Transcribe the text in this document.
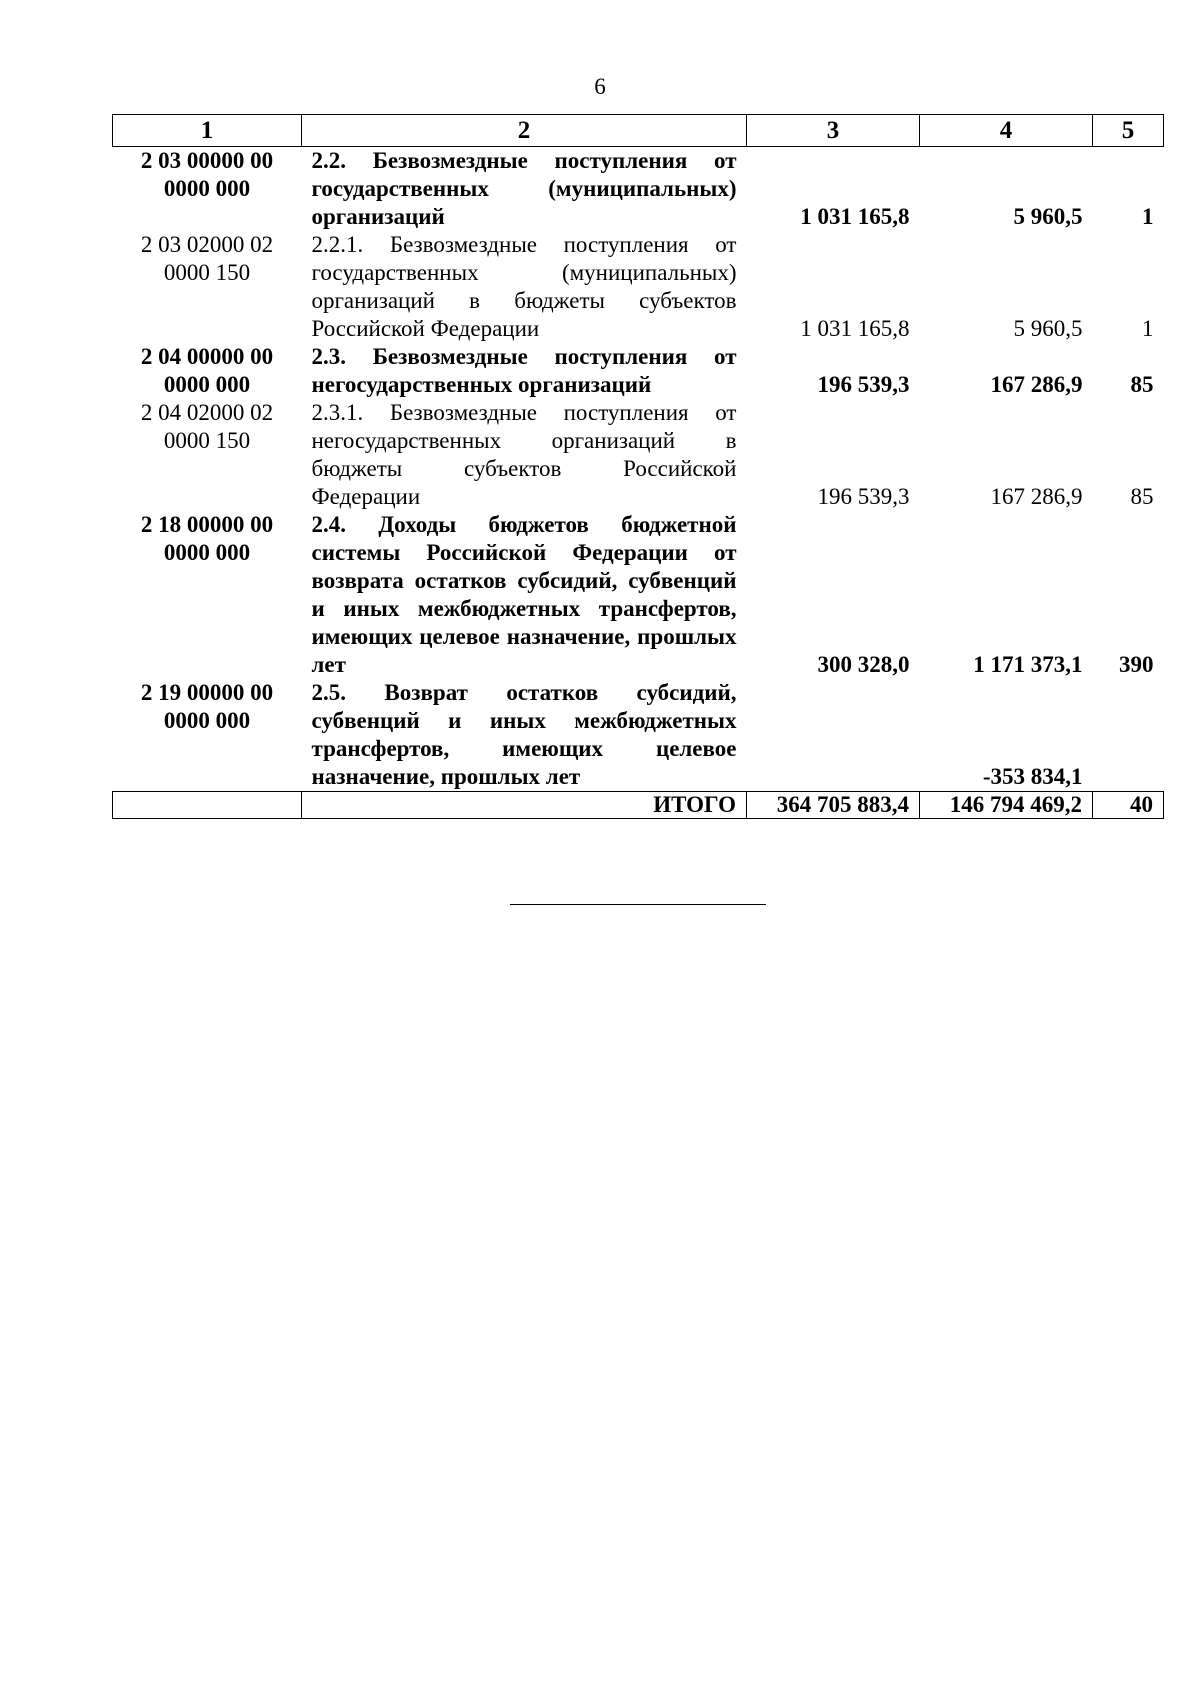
6
1	2	3	4	5
2 03 00000 00 0000 000	2.2. Безвозмездные поступления от государственных (муниципальных) организаций	1 031 165,8	5 960,5	1
2 03 02000 02 0000 150	2.2.1. Безвозмездные поступления от государственных (муниципальных) организаций в бюджеты субъектов Российской Федерации	1 031 165,8	5 960,5	1
2 04 00000 00 0000 000	2.3. Безвозмездные поступления от негосударственных организаций	196 539,3	167 286,9	85
2 04 02000 02 0000 150	2.3.1. Безвозмездные поступления от негосударственных организаций в бюджеты субъектов Российской Федерации	196 539,3	167 286,9	85
2 18 00000 00 0000 000	2.4. Доходы бюджетов бюджетной системы Российской Федерации от возврата остатков субсидий, субвенций и иных межбюджетных трансфертов, имеющих целевое назначение, прошлых лет	300 328,0	1 171 373,1	390
2 19 00000 00 0000 000	2.5. Возврат остатков субсидий, субвенций и иных межбюджетных трансфертов, имеющих целевое назначение, прошлых лет		-353 834,1	
	ИТОГО	364 705 883,4	146 794 469,2	40
